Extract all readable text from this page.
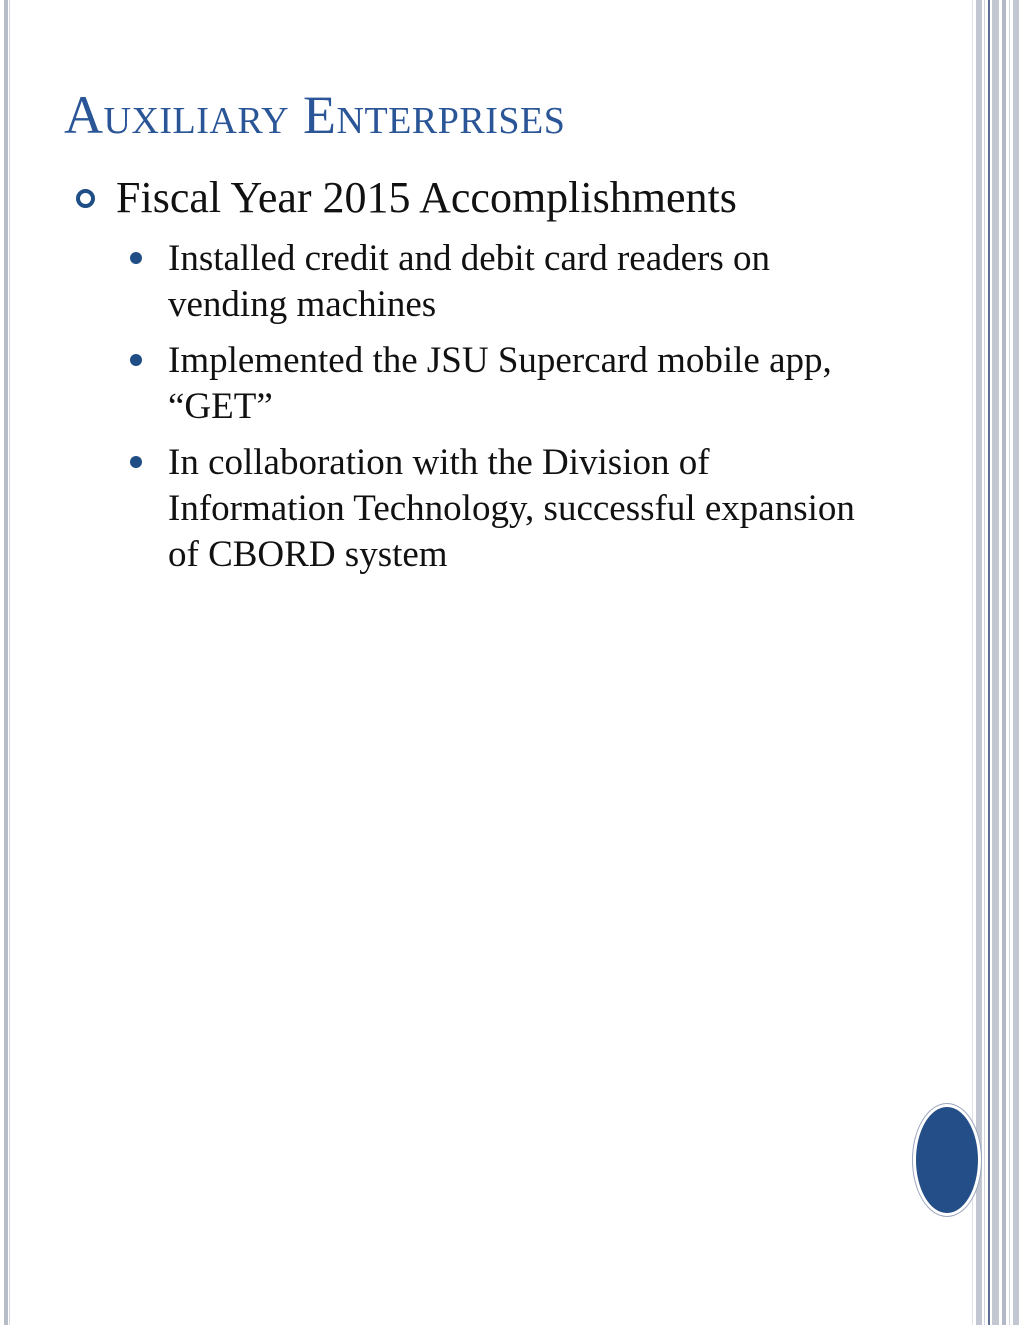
Auxiliary Enterprises
Fiscal Year 2015 Accomplishments
Installed credit and debit card readers on vending machines
Implemented the JSU Supercard mobile app, “GET”
In collaboration with the Division of Information Technology, successful expansion of CBORD system
